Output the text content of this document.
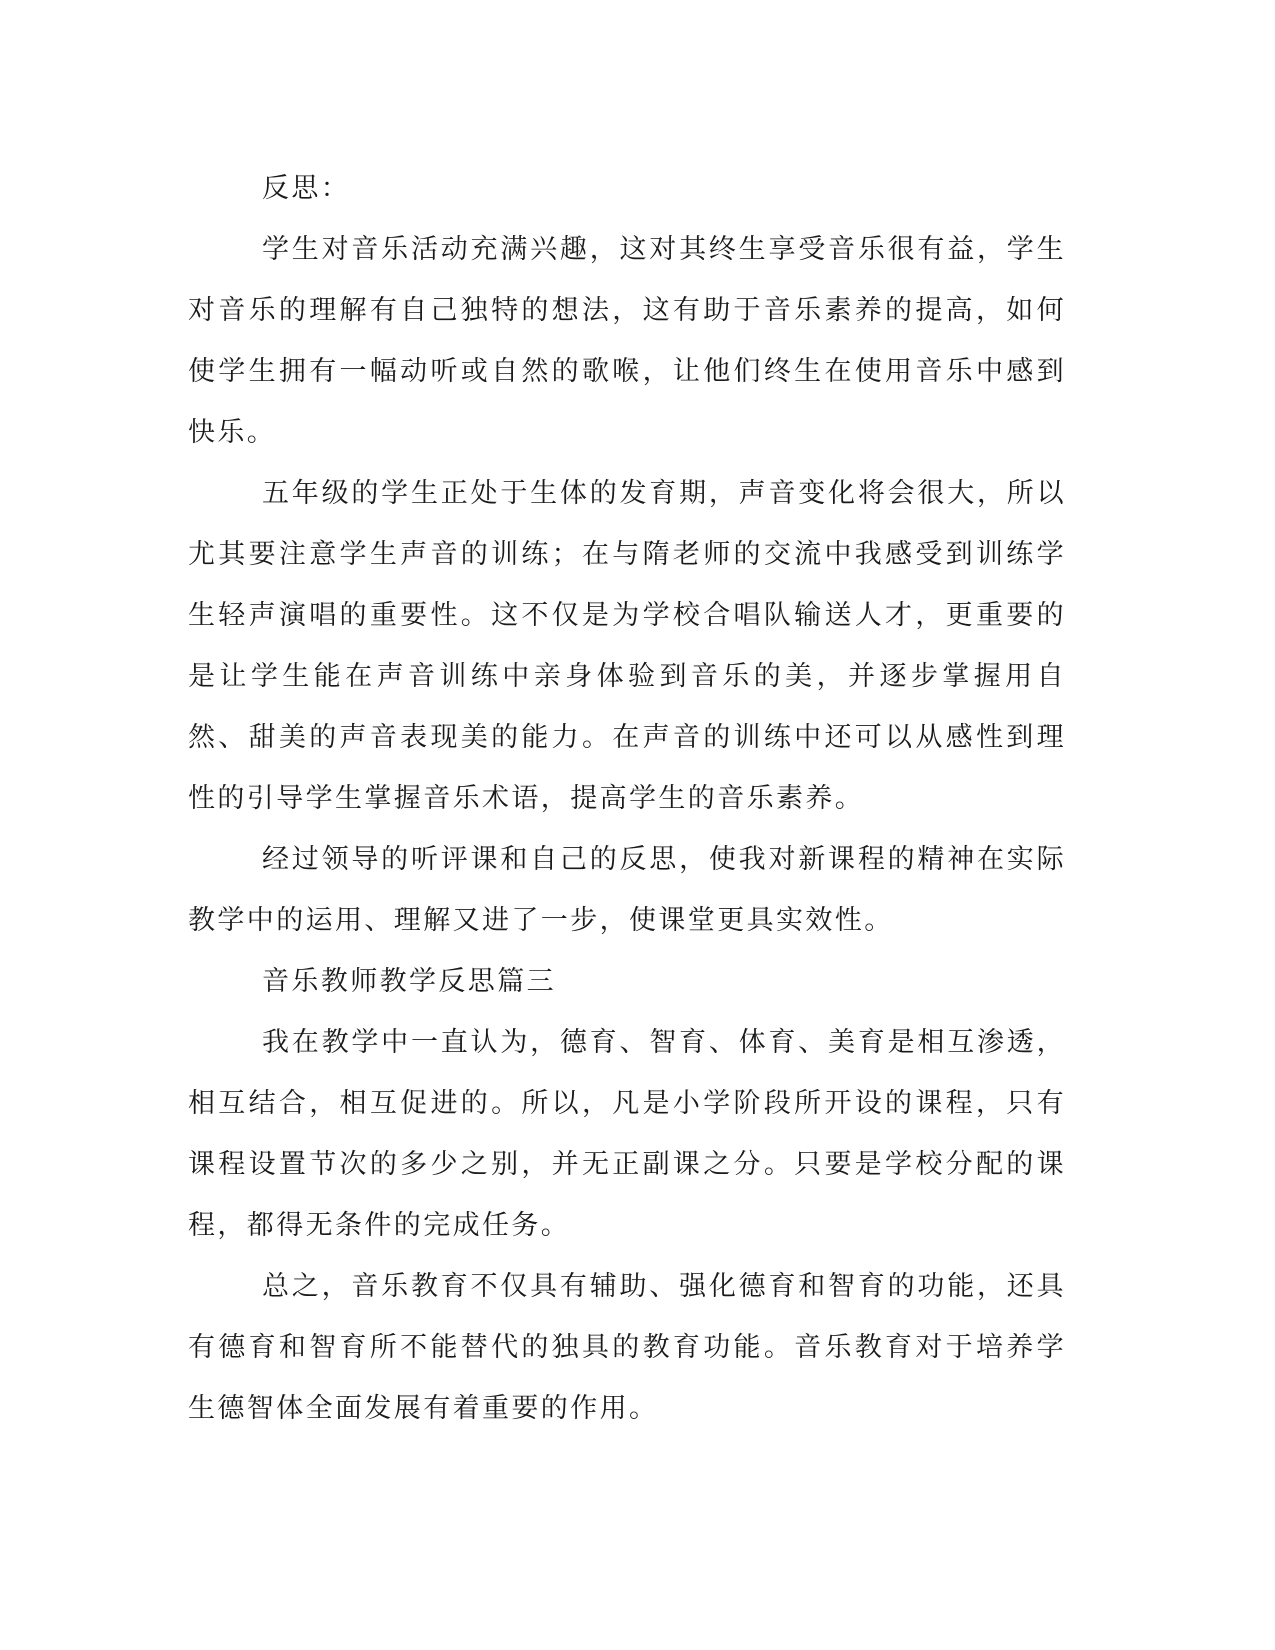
反思：

学生对音乐活动充满兴趣，这对其终生享受音乐很有益，学生对音乐的理解有自己独特的想法，这有助于音乐素养的提高，如何使学生拥有一幅动听或自然的歌喉，让他们终生在使用音乐中感到快乐。

五年级的学生正处于生体的发育期，声音变化将会很大，所以尤其要注意学生声音的训练；在与隋老师的交流中我感受到训练学生轻声演唱的重要性。这不仅是为学校合唱队输送人才，更重要的是让学生能在声音训练中亲身体验到音乐的美，并逐步掌握用自然、甜美的声音表现美的能力。在声音的训练中还可以从感性到理性的引导学生掌握音乐术语，提高学生的音乐素养。

经过领导的听评课和自己的反思，使我对新课程的精神在实际教学中的运用、理解又进了一步，使课堂更具实效性。

音乐教师教学反思篇三

我在教学中一直认为，德育、智育、体育、美育是相互渗透，相互结合，相互促进的。所以，凡是小学阶段所开设的课程，只有课程设置节次的多少之别，并无正副课之分。只要是学校分配的课程，都得无条件的完成任务。

总之，音乐教育不仅具有辅助、强化德育和智育的功能，还具有德育和智育所不能替代的独具的教育功能。音乐教育对于培养学生德智体全面发展有着重要的作用。
